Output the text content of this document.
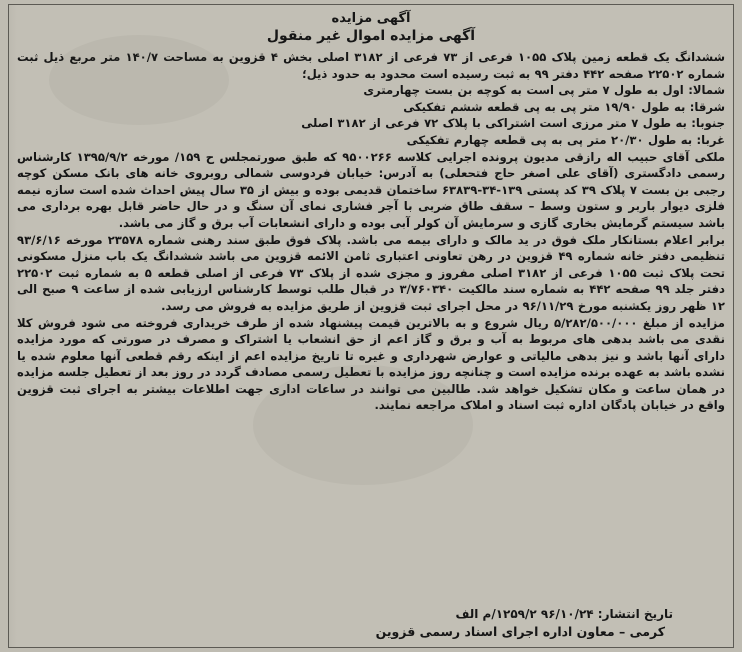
آگهی مزایده

آگهی مزایده اموال غیر منقول

ششدانگ یک قطعه زمین پلاک ۱۰۵۵ فرعی از ۷۳ فرعی از ۳۱۸۲ اصلی بخش ۴ قزوین به مساحت ۱۴۰/۷ متر مربع ذیل ثبت شماره ۲۲۵۰۲ صفحه ۴۴۲ دفتر ۹۹ به ثبت رسیده است محدود به حدود ذیل؛

شمالا: اول به طول ۷ متر پی است به کوچه بن بست چهارمتری

شرقا: به طول ۱۹/۹۰ متر پی به پی قطعه ششم تفکیکی

جنوبا: به طول ۷ متر مرزی است اشتراکی با پلاک ۷۲ فرعی از ۳۱۸۲ اصلی

غربا: به طول ۲۰/۳۰ متر پی به پی قطعه چهارم تفکیکی

ملکی آقای حبیب اله رازقی مدیون پرونده اجرایی کلاسه ۹۵۰۰۲۶۶ که طبق صورتمجلس ح ۱۵۹/ مورخه ۱۳۹۵/۹/۲ کارشناس رسمی دادگستری (آقای علی اصغر حاج فتحعلی) به آدرس: خیابان فردوسی شمالی روبروی خانه های بانک مسکن کوچه رجبی بن بست ۷ پلاک ۳۹ کد پستی ۱۳۹-۳۴-۶۳۸۳۹ ساختمان قدیمی بوده و بیش از ۳۵ سال پیش احداث شده است سازه نیمه فلزی دیوار باربر و ستون وسط – سقف طاق ضربی با آجر فشاری نمای آن سنگ و در حال حاضر قابل بهره برداری می باشد سیستم گرمایش بخاری گازی و سرمایش آن کولر آبی بوده و دارای انشعابات آب برق و گاز می باشد.

برابر اعلام بستانکار ملک فوق در ید مالک و دارای بیمه می باشد. پلاک فوق طبق سند رهنی شماره ۲۳۵۷۸ مورخه ۹۳/۶/۱۶ تنظیمی دفتر خانه شماره ۴۹ قزوین در رهن تعاونی اعتباری ثامن الائمه قزوین می باشد ششدانگ یک باب منزل مسکونی تحت پلاک ثبت ۱۰۵۵ فرعی از ۳۱۸۲ اصلی مفروز و مجزی شده از پلاک ۷۳ فرعی از اصلی قطعه ۵ به شماره ثبت ۲۲۵۰۲ دفتر جلد ۹۹ صفحه ۴۴۲ به شماره سند مالکیت ۳/۷۶۰۳۴۰ در قبال طلب توسط کارشناس ارزیابی شده از ساعت ۹ صبح الی ۱۲ ظهر روز یکشنبه مورخ ۹۶/۱۱/۲۹ در محل اجرای ثبت قزوین از طریق مزایده به فروش می رسد.

مزایده از مبلغ ۵/۲۸۲/۵۰۰/۰۰۰ ریال شروع و به بالاترین قیمت پیشنهاد شده از طرف خریداری فروخته می شود فروش کلا نقدی می باشد بدهی های مربوط به آب و برق و گاز اعم از حق انشعاب یا اشتراک و مصرف در صورتی که مورد مزایده دارای آنها باشد و نیز بدهی مالیاتی و عوارض شهرداری و غیره تا تاریخ مزایده اعم از اینکه رقم قطعی آنها معلوم شده یا نشده باشد به عهده برنده مزایده است و چنانچه روز مزایده با تعطیل رسمی مصادف گردد در روز بعد از تعطیل جلسه مزایده در همان ساعت و مکان تشکیل خواهد شد. طالبین می توانند در ساعات اداری جهت اطلاعات بیشتر به اجرای ثبت قزوین واقع در خیابان پادگان اداره ثبت اسناد و املاک مراجعه نمایند.

تاریخ انتشار: ۹۶/۱۰/۲۴ ۱۲۵۹/۲/م الف

کرمی – معاون اداره اجرای اسناد رسمی قزوین
